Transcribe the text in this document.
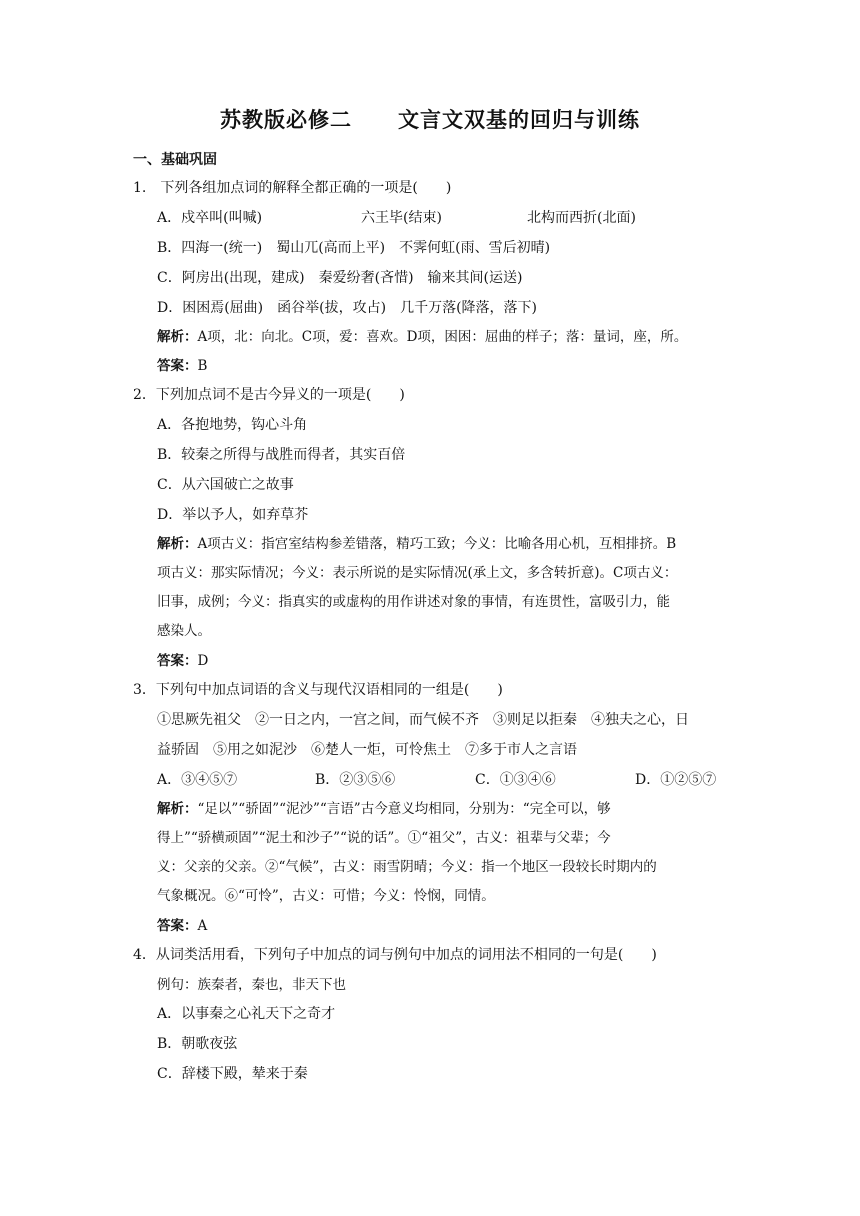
苏教版必修二 文言文双基的回归与训练
一、基础巩固
1.　下列各组加点词的解释全都正确的一项是(　　)
A．戍卒叫(叫喊)	六王毕(结束)	北构而西折(北面)
B．四海一(统一)　蜀山兀(高而上平)　不霁何虹(雨、雪后初晴)
C．阿房出(出现，建成)　秦爱纷奢(吝惜)　输来其间(运送)
D．困困焉(屈曲)　函谷举(拔，攻占)　几千万落(降落，落下)
解析：A项，北：向北。C项，爱：喜欢。D项，困困：屈曲的样子；落：量词，座，所。
答案：B
2．下列加点词不是古今异义的一项是(　　)
A．各抱地势，钩心斗角
B．较秦之所得与战胜而得者，其实百倍
C．从六国破亡之故事
D．举以予人，如弃草芥
解析：A项古义：指宫室结构参差错落，精巧工致；今义：比喻各用心机，互相排挤。B
项古义：那实际情况；今义：表示所说的是实际情况(承上文，多含转折意)。C项古义：
旧事，成例；今义：指真实的或虚构的用作讲述对象的事情，有连贯性，富吸引力，能
感染人。
答案：D
3．下列句中加点词语的含义与现代汉语相同的一组是(　　)
①思厥先祖父　②一日之内，一宫之间，而气候不齐　③则足以拒秦　④独夫之心，日
益骄固　⑤用之如泥沙　⑥楚人一炬，可怜焦土　⑦多于市人之言语
A．③④⑤⑦	B．②③⑤⑥	C．①③④⑥	D．①②⑤⑦
解析：“足以”“骄固”“泥沙”“言语”古今意义均相同，分别为：“完全可以，够
得上”“骄横顽固”“泥土和沙子”“说的话”。①“祖父”，古义：祖辈与父辈；今
义：父亲的父亲。②“气候”，古义：雨雪阴晴；今义：指一个地区一段较长时期内的
气象概况。⑥“可怜”，古义：可惜；今义：怜悯，同情。
答案：A
4．从词类活用看，下列句子中加点的词与例句中加点的词用法不相同的一句是(　　)
例句：族秦者，秦也，非天下也
A．以事秦之心礼天下之奇才
B．朝歌夜弦
C．辞楼下殿，辇来于秦
